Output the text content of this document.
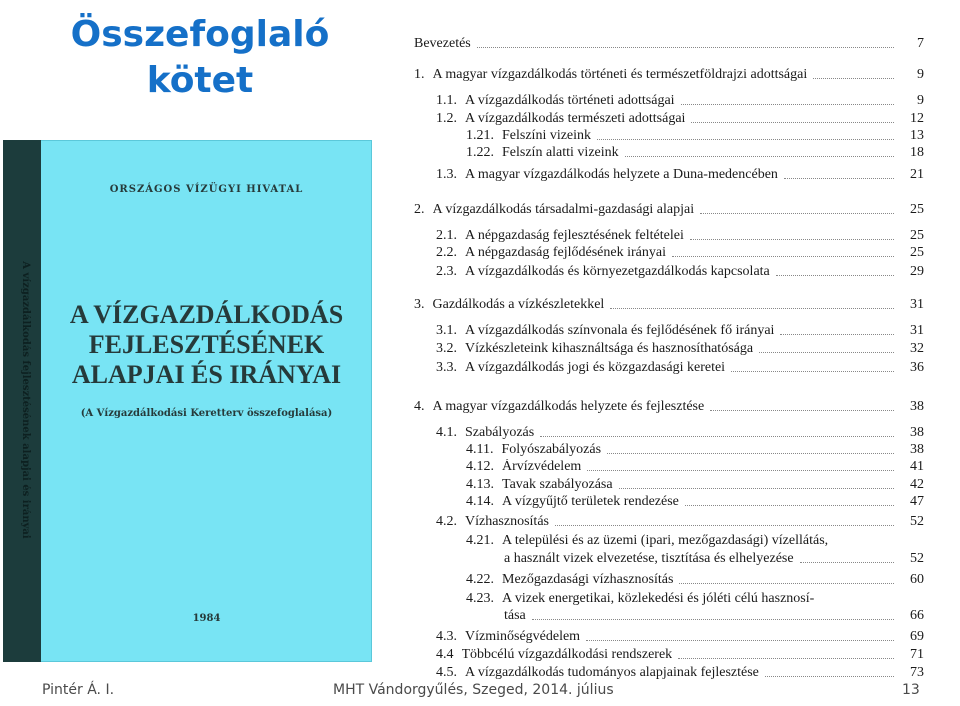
Összefoglaló
kötet
A vízgazdálkodás fejlesztésének alapjai és irányai
ORSZÁGOS VÍZÜGYI HIVATAL
A VÍZGAZDÁLKODÁS
FEJLESZTÉSÉNEK
ALAPJAI ÉS IRÁNYAI
(A Vízgazdálkodási Keretterv összefoglalása)
1984
Bevezetés	7
1. A magyar vízgazdálkodás történeti és természetföldrajzi adottságai	9
1.1. A vízgazdálkodás történeti adottságai	9
1.2. A vízgazdálkodás természeti adottságai	12
1.21. Felszíni vizeink	13
1.22. Felszín alatti vizeink	18
1.3. A magyar vízgazdálkodás helyzete a Duna-medencében	21
2. A vízgazdálkodás társadalmi-gazdasági alapjai	25
2.1. A népgazdaság fejlesztésének feltételei	25
2.2. A népgazdaság fejlődésének irányai	25
2.3. A vízgazdálkodás és környezetgazdálkodás kapcsolata	29
3. Gazdálkodás a vízkészletekkel	31
3.1. A vízgazdálkodás színvonala és fejlődésének fő irányai	31
3.2. Vízkészleteink kihasználtsága és hasznosíthatósága	32
3.3. A vízgazdálkodás jogi és közgazdasági keretei	36
4. A magyar vízgazdálkodás helyzete és fejlesztése	38
4.1. Szabályozás	38
4.11. Folyószabályozás	38
4.12. Árvízvédelem	41
4.13. Tavak szabályozása	42
4.14. A vízgyűjtő területek rendezése	47
4.2. Vízhasznosítás	52
4.21. A települési és az üzemi (ipari, mezőgazdasági) vízellátás,
a használt vizek elvezetése, tisztítása és elhelyezése	52
4.22. Mezőgazdasági vízhasznosítás	60
4.23. A vizek energetikai, közlekedési és jóléti célú hasznosí-
tása	66
4.3. Vízminőségvédelem	69
4.4 Többcélú vízgazdálkodási rendszerek	71
4.5. A vízgazdálkodás tudományos alapjainak fejlesztése	73
Pintér Á. I.	MHT Vándorgyűlés, Szeged, 2014. július	13
